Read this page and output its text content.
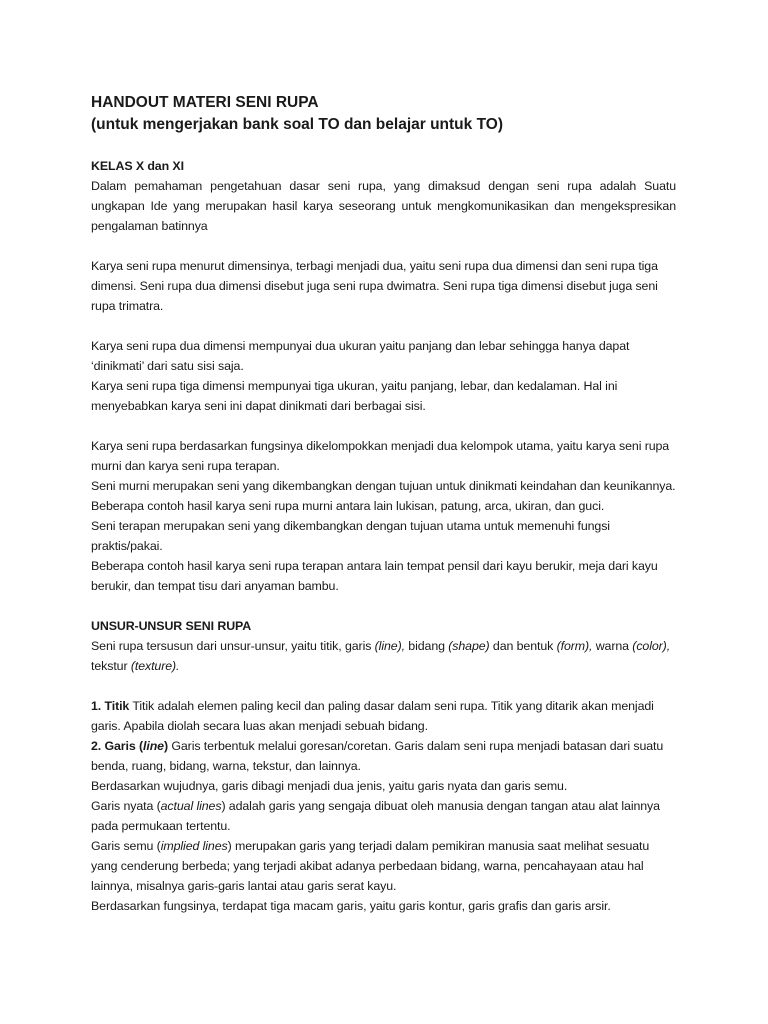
HANDOUT MATERI SENI RUPA

(untuk mengerjakan bank soal TO dan belajar untuk TO)

KELAS X dan XI

Dalam pemahaman pengetahuan dasar seni rupa, yang dimaksud dengan seni rupa adalah Suatu ungkapan Ide yang merupakan hasil karya seseorang untuk mengkomunikasikan dan mengekspresikan pengalaman batinnya

Karya seni rupa menurut dimensinya, terbagi menjadi dua, yaitu seni rupa dua dimensi dan seni rupa tiga dimensi. Seni rupa dua dimensi disebut juga seni rupa dwimatra. Seni rupa tiga dimensi disebut juga seni rupa trimatra.

Karya seni rupa dua dimensi mempunyai dua ukuran yaitu panjang dan lebar sehingga hanya dapat ‘dinikmati’ dari satu sisi saja.

Karya seni rupa tiga dimensi mempunyai tiga ukuran, yaitu panjang, lebar, dan kedalaman. Hal ini menyebabkan karya seni ini dapat dinikmati dari berbagai sisi.

Karya seni rupa berdasarkan fungsinya dikelompokkan menjadi dua kelompok utama, yaitu karya seni rupa murni dan karya seni rupa terapan.

Seni murni merupakan seni yang dikembangkan dengan tujuan untuk dinikmati keindahan dan keunikannya. Beberapa contoh hasil karya seni rupa murni antara lain lukisan, patung, arca, ukiran, dan guci.

Seni terapan merupakan seni yang dikembangkan dengan tujuan utama untuk memenuhi fungsi praktis/pakai.

Beberapa contoh hasil karya seni rupa terapan antara lain tempat pensil dari kayu berukir, meja dari kayu berukir, dan tempat tisu dari anyaman bambu.

UNSUR-UNSUR SENI RUPA

Seni rupa tersusun dari unsur-unsur, yaitu titik, garis (line), bidang (shape) dan bentuk (form), warna (color), tekstur (texture).

1. Titik Titik adalah elemen paling kecil dan paling dasar dalam seni rupa. Titik yang ditarik akan menjadi garis. Apabila diolah secara luas akan menjadi sebuah bidang.

2. Garis (line) Garis terbentuk melalui goresan/coretan. Garis dalam seni rupa menjadi batasan dari suatu benda, ruang, bidang, warna, tekstur, dan lainnya.

Berdasarkan wujudnya, garis dibagi menjadi dua jenis, yaitu garis nyata dan garis semu.

Garis nyata (actual lines) adalah garis yang sengaja dibuat oleh manusia dengan tangan atau alat lainnya pada permukaan tertentu.

Garis semu (implied lines) merupakan garis yang terjadi dalam pemikiran manusia saat melihat sesuatu yang cenderung berbeda; yang terjadi akibat adanya perbedaan bidang, warna, pencahayaan atau hal lainnya, misalnya garis-garis lantai atau garis serat kayu.

Berdasarkan fungsinya, terdapat tiga macam garis, yaitu garis kontur, garis grafis dan garis arsir.
